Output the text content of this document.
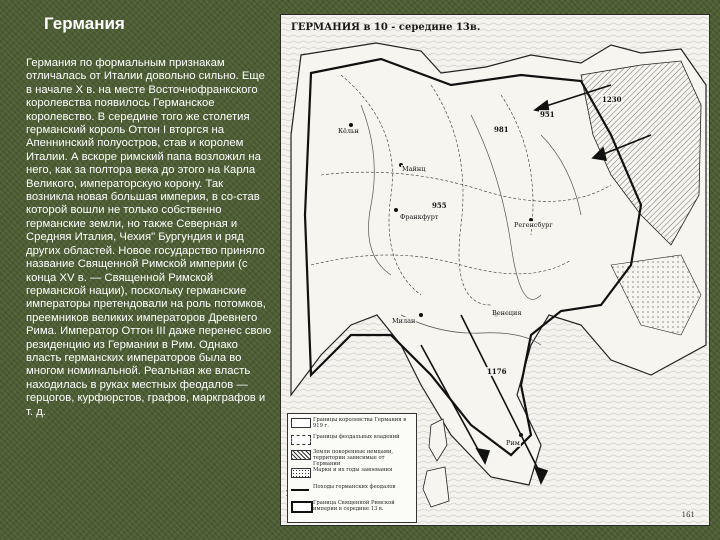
Германия

Германия по формальным признакам отличалась от Италии довольно сильно. Еще в начале X в. на месте Восточнофранкского королевства появилось Германское королевство. В середине того же столетия германский король Оттон I вторгся на Апеннинский полуостров, став и королем Италии. А вскоре римский папа возложил на него, как за полтора века до этого на Карла Великого, императорскую корону. Так возникла новая большая империя, в со-став которой вошли не только собственно германские земли, но также Северная и Средняя Италия, Чехия" Бургундия и ряд других областей. Новое государство приняло название Священной Римской империи (с конца XV в. — Священной Римской германской нации), поскольку германские императоры претендовали на роль потомков, преемников великих императоров Древнего Рима. Император Оттон III даже перенес свою резиденцию из Германии в Рим. Однако власть германских императоров была во многом номинальной. Реальная же власть находилась в руках местных феодалов — герцогов, курфюрстов, графов, маркграфов и т. д.

ГЕРМАНИЯ в 10 - середине 13в.
1230
981
951
955
1176
Франкфурт
Кёльн
Майнц
Регенсбург
Милан
Рим
Венеция
Границы королевства Германия в 919 г.
Границы феодальных владений
Земли покоренные немцами, территории зависимые от Германии
Марки и их годы завоевания
Походы германских феодалов
Граница Священной Римской империи в середине 13 в.
161
